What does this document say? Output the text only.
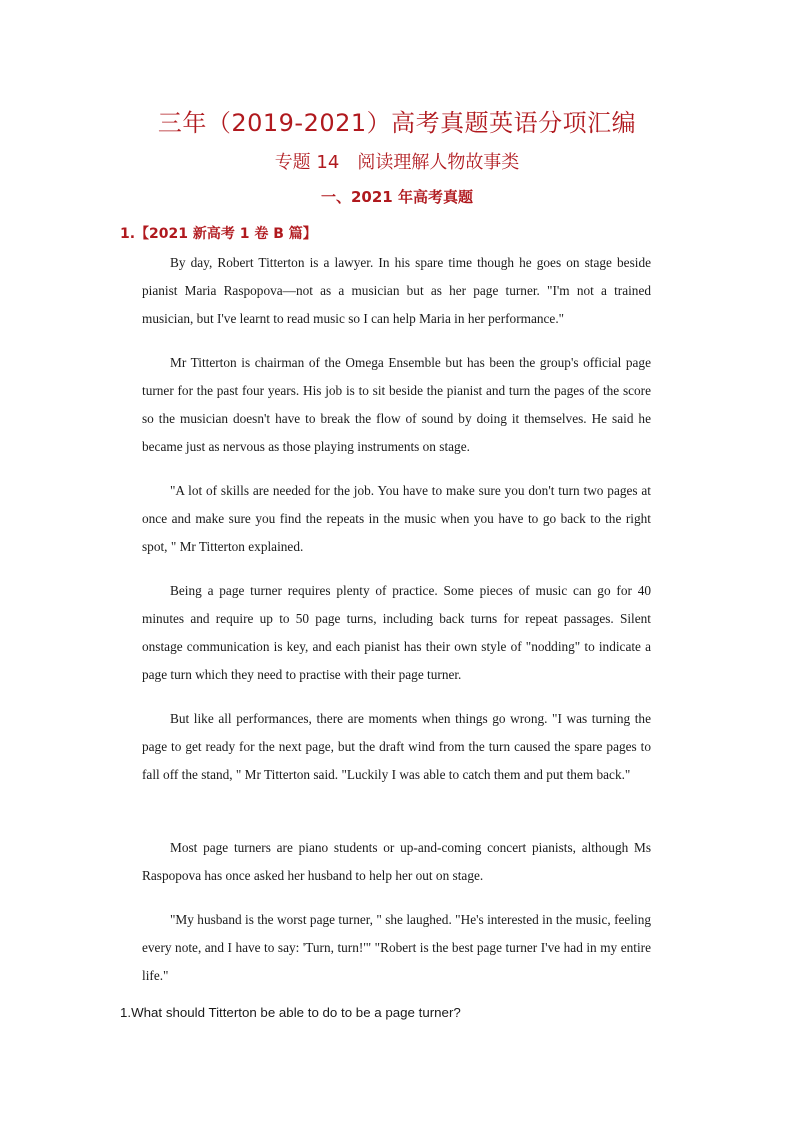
三年（2019-2021）高考真题英语分项汇编
专题 14　阅读理解人物故事类
一、2021 年高考真题
1.【2021 新高考 1 卷 B 篇】

By day, Robert Titterton is a lawyer. In his spare time though he goes on stage beside pianist Maria Raspopova—not as a musician but as her page turner. "I'm not a trained musician, but I've learnt to read music so I can help Maria in her performance."

Mr Titterton is chairman of the Omega Ensemble but has been the group's official page turner for the past four years. His job is to sit beside the pianist and turn the pages of the score so the musician doesn't have to break the flow of sound by doing it themselves. He said he became just as nervous as those playing instruments on stage.

"A lot of skills are needed for the job. You have to make sure you don't turn two pages at once and make sure you find the repeats in the music when you have to go back to the right spot, " Mr Titterton explained.

Being a page turner requires plenty of practice. Some pieces of music can go for 40 minutes and require up to 50 page turns, including back turns for repeat passages. Silent onstage communication is key, and each pianist has their own style of "nodding" to indicate a page turn which they need to practise with their page turner.

But like all performances, there are moments when things go wrong. "I was turning the page to get ready for the next page, but the draft wind from the turn caused the spare pages to fall off the stand, " Mr Titterton said. "Luckily I was able to catch them and put them back."

Most page turners are piano students or up-and-coming concert pianists, although Ms Raspopova has once asked her husband to help her out on stage.

"My husband is the worst page turner, " she laughed. "He's interested in the music, feeling every note, and I have to say: 'Turn, turn!'" "Robert is the best page turner I've had in my entire life."

1.What should Titterton be able to do to be a page turner?
